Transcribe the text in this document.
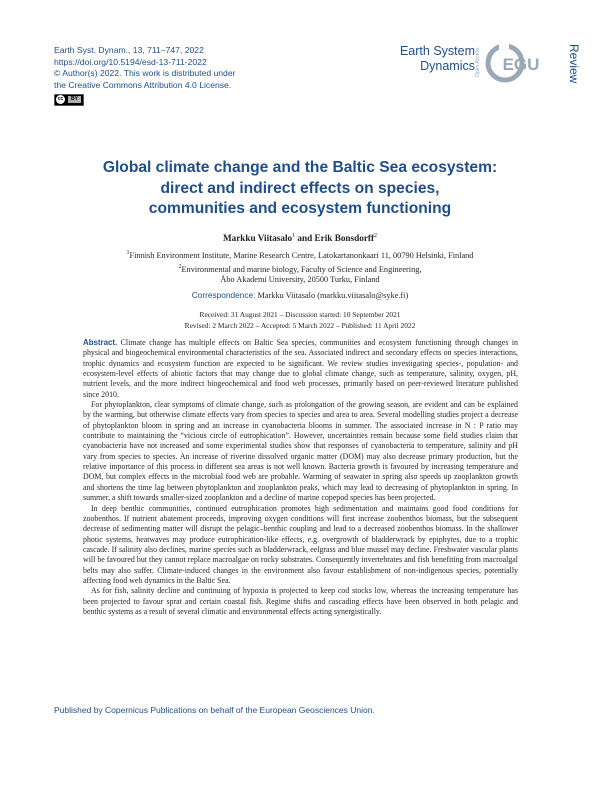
Earth Syst. Dynam., 13, 711–747, 2022
https://doi.org/10.5194/esd-13-711-2022
© Author(s) 2022. This work is distributed under
the Creative Commons Attribution 4.0 License.
cc	BY
Earth System
Dynamics Open Access EGU Review
Global climate change and the Baltic Sea ecosystem:
direct and indirect effects on species,
communities and ecosystem functioning
Markku Viitasalo$^1$ and Erik Bonsdorff$^2$
$^1$Finnish Environment Institute, Marine Research Centre, Latokartanonkaari 11, 00790 Helsinki, Finland
$^2$Environmental and marine biology, Faculty of Science and Engineering,
Åbo Akademi University, 20500 Turku, Finland
Correspondence: Markku Viitasalo (markku.viitasalo@syke.fi)
Received: 31 August 2021 – Discussion started: 10 September 2021
Revised: 2 March 2022 – Accepted: 5 March 2022 – Published: 11 April 2022

Abstract. Climate change has multiple effects on Baltic Sea species, communities and ecosystem functioning through changes in physical and biogeochemical environmental characteristics of the sea. Associated indirect and secondary effects on species interactions, trophic dynamics and ecosystem function are expected to be significant. We review studies investigating species-, population- and ecosystem-level effects of abiotic factors that may change due to global climate change, such as temperature, salinity, oxygen, pH, nutrient levels, and the more indirect biogeochemical and food web processes, primarily based on peer-reviewed literature published since 2010.

For phytoplankton, clear symptoms of climate change, such as prolongation of the growing season, are evident and can be explained by the warming, but otherwise climate effects vary from species to species and area to area. Several modelling studies project a decrease of phytoplankton bloom in spring and an increase in cyanobacteria blooms in summer. The associated increase in N : P ratio may contribute to maintaining the “vicious circle of eutrophication”. However, uncertainties remain because some field studies claim that cyanobacteria have not increased and some experimental studies show that responses of cyanobacteria to temperature, salinity and pH vary from species to species. An increase of riverine dissolved organic matter (DOM) may also decrease primary production, but the relative importance of this process in different sea areas is not well known. Bacteria growth is favoured by increasing temperature and DOM, but complex effects in the microbial food web are probable. Warming of seawater in spring also speeds up zooplankton growth and shortens the time lag between phytoplankton and zooplankton peaks, which may lead to decreasing of phytoplankton in spring. In summer, a shift towards smaller-sized zooplankton and a decline of marine copepod species has been projected.

In deep benthic communities, continued eutrophication promotes high sedimentation and maintains good food conditions for zoobenthos. If nutrient abatement proceeds, improving oxygen conditions will first increase zoobenthos biomass, but the subsequent decrease of sedimenting matter will disrupt the pelagic–benthic coupling and lead to a decreased zoobenthos biomass. In the shallower photic systems, heatwaves may produce eutrophication-like effects, e.g. overgrowth of bladderwrack by epiphytes, due to a trophic cascade. If salinity also declines, marine species such as bladderwrack, eelgrass and blue mussel may decline. Freshwater vascular plants will be favoured but they cannot replace macroalgae on rocky substrates. Consequently invertebrates and fish benefiting from macroalgal belts may also suffer. Climate-induced changes in the environment also favour establishment of non-indigenous species, potentially affecting food web dynamics in the Baltic Sea.

As for fish, salinity decline and continuing of hypoxia is projected to keep cod stocks low, whereas the increasing temperature has been projected to favour sprat and certain coastal fish. Regime shifts and cascading effects have been observed in both pelagic and benthic systems as a result of several climatic and environmental effects acting synergistically.

Published by Copernicus Publications on behalf of the European Geosciences Union.
